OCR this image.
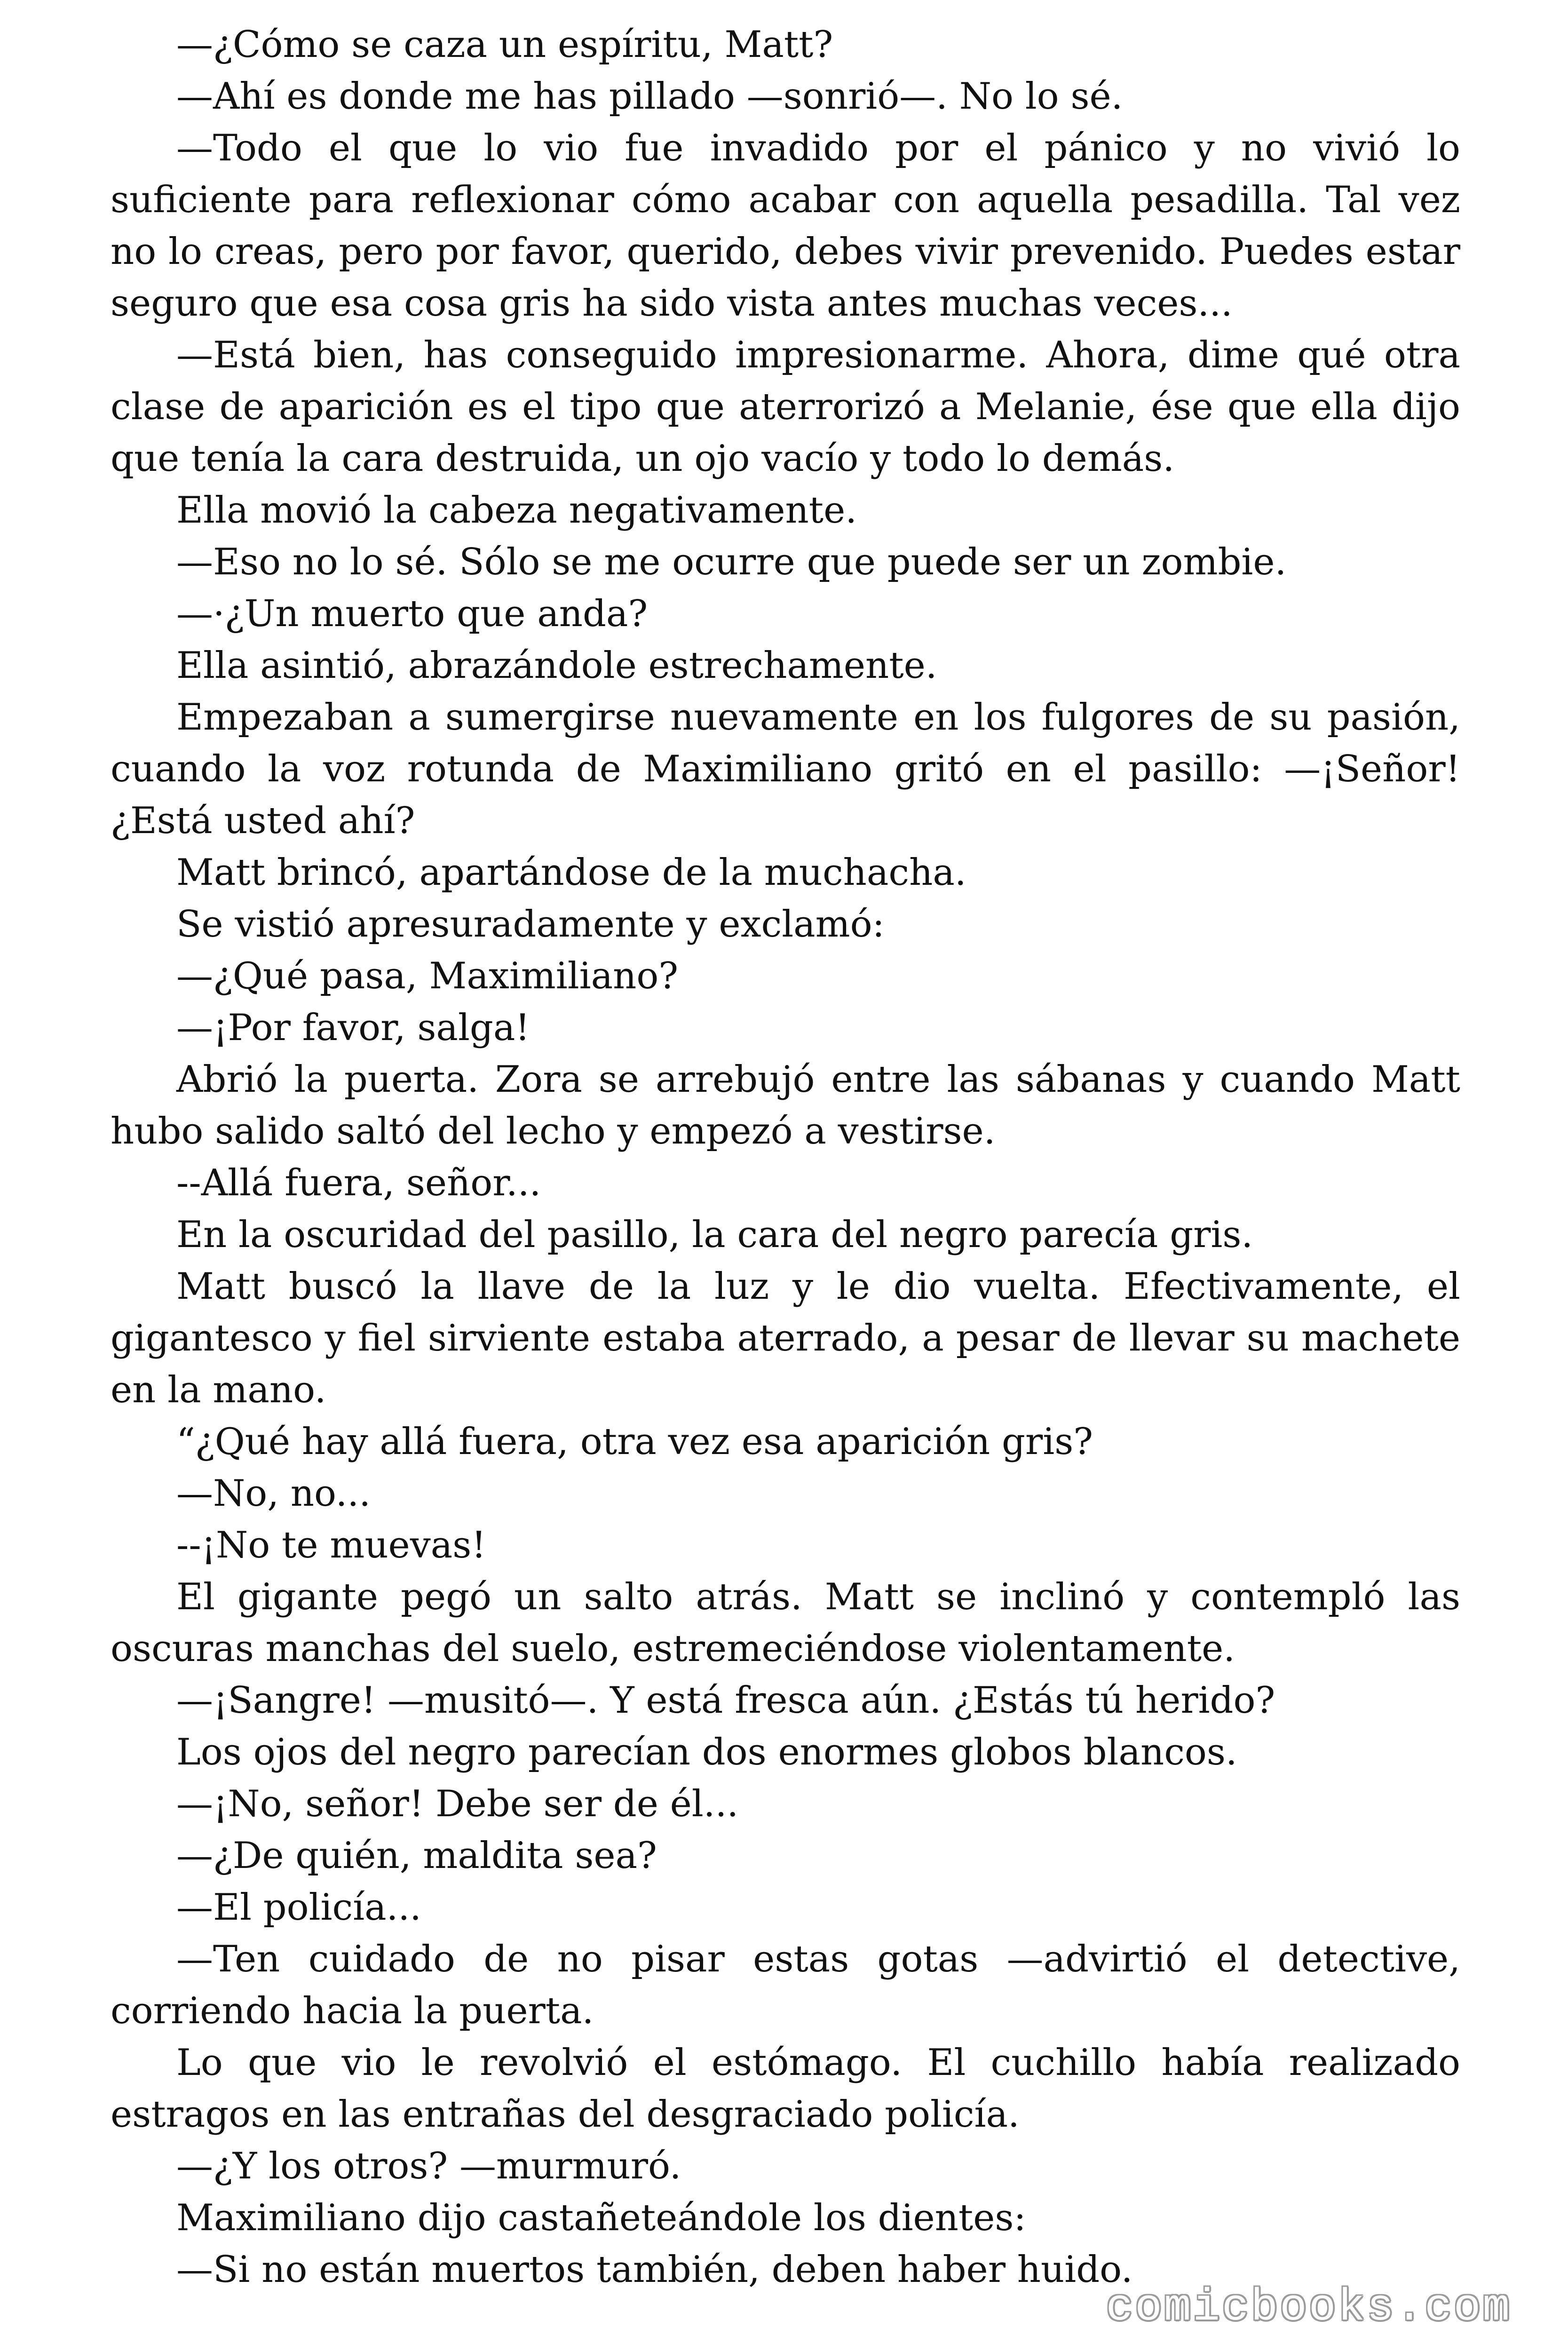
—¿Cómo se caza un espíritu, Matt?

—Ahí es donde me has pillado —sonrió—. No lo sé.

—Todo el que lo vio fue invadido por el pánico y no vivió lo suficiente para reflexionar cómo acabar con aquella pesadilla. Tal vez no lo creas, pero por favor, querido, debes vivir prevenido. Puedes estar seguro que esa cosa gris ha sido vista antes muchas veces...

—Está bien, has conseguido impresionarme. Ahora, dime qué otra clase de aparición es el tipo que aterrorizó a Melanie, ése que ella dijo que tenía la cara destruida, un ojo vacío y todo lo demás.

Ella movió la cabeza negativamente.

—Eso no lo sé. Sólo se me ocurre que puede ser un zombie.

—·¿Un muerto que anda?

Ella asintió, abrazándole estrechamente.

Empezaban a sumergirse nuevamente en los fulgores de su pasión, cuando la voz rotunda de Maximiliano gritó en el pasillo: —¡Señor! ¿Está usted ahí?

Matt brincó, apartándose de la muchacha.

Se vistió apresuradamente y exclamó:

—¿Qué pasa, Maximiliano?

—¡Por favor, salga!

Abrió la puerta. Zora se arrebujó entre las sábanas y cuando Matt hubo salido saltó del lecho y empezó a vestirse.

--Allá fuera, señor...

En la oscuridad del pasillo, la cara del negro parecía gris.

Matt buscó la llave de la luz y le dio vuelta. Efectivamente, el gigantesco y fiel sirviente estaba aterrado, a pesar de llevar su machete en la mano.

“¿Qué hay allá fuera, otra vez esa aparición gris?

—No, no...

--¡No te muevas!

El gigante pegó un salto atrás. Matt se inclinó y contempló las oscuras manchas del suelo, estremeciéndose violentamente.

—¡Sangre! —musitó—. Y está fresca aún. ¿Estás tú herido?

Los ojos del negro parecían dos enormes globos blancos.

—¡No, señor! Debe ser de él...

—¿De quién, maldita sea?

—El policía...

—Ten cuidado de no pisar estas gotas —advirtió el detective, corriendo hacia la puerta.

Lo que vio le revolvió el estómago. El cuchillo había realizado estragos en las entrañas del desgraciado policía.

—¿Y los otros? —murmuró.

Maximiliano dijo castañeteándole los dientes:

—Si no están muertos también, deben haber huido.

comicbooks.com
